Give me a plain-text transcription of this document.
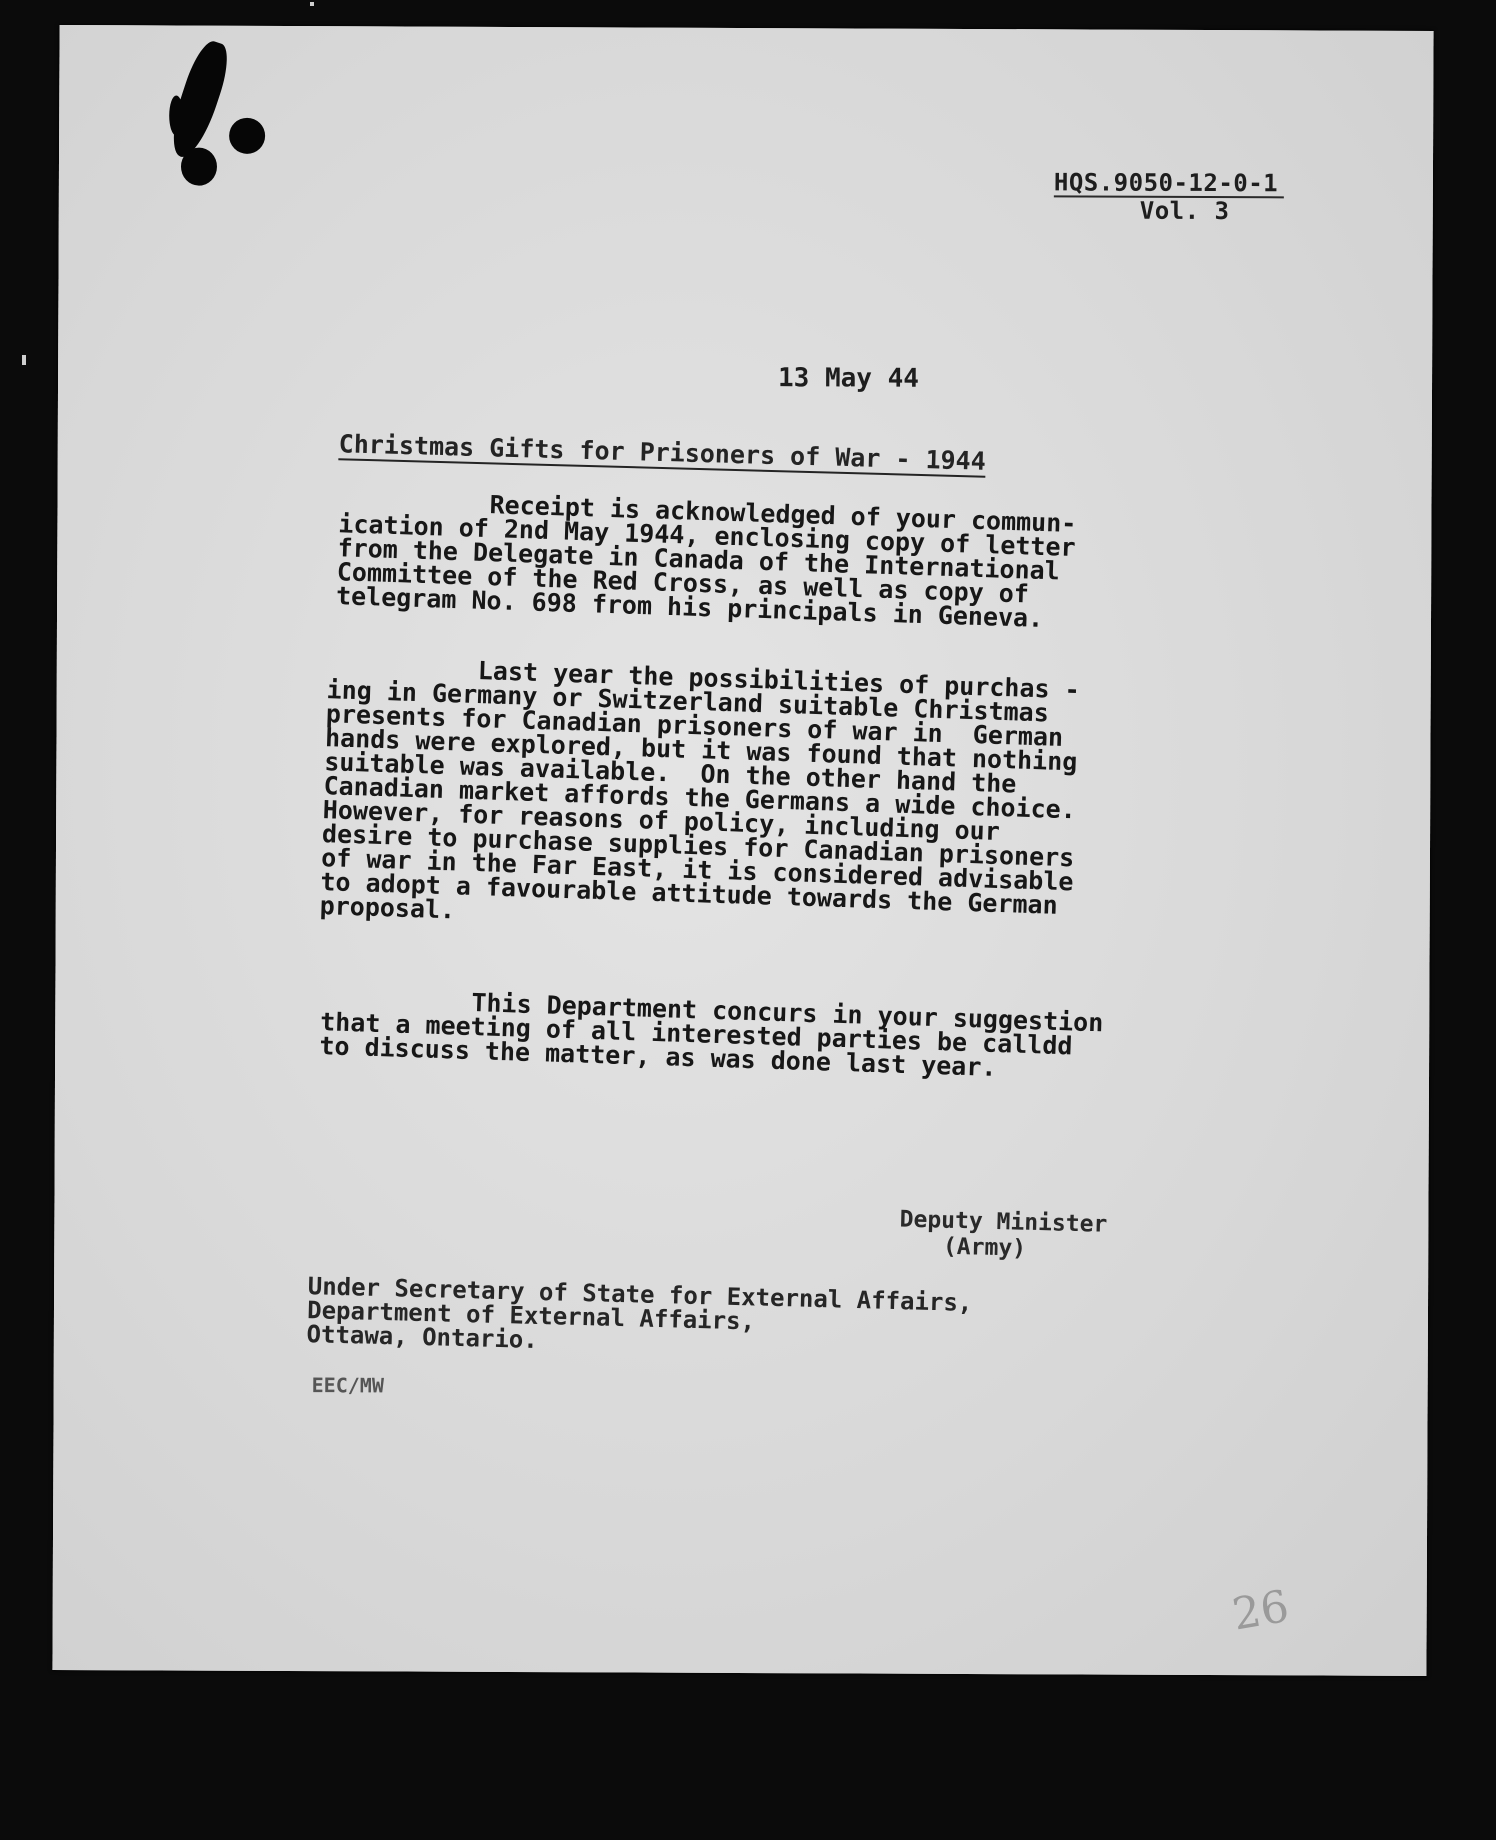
HQS.9050-12-0-1
Vol. 3
13 May 44
Christmas Gifts for Prisoners of War - 1944
Receipt is acknowledged of your commun-
ication of 2nd May 1944, enclosing copy of letter
from the Delegate in Canada of the International
Committee of the Red Cross, as well as copy of
telegram No. 698 from his principals in Geneva.
Last year the possibilities of purchas -
ing in Germany or Switzerland suitable Christmas
presents for Canadian prisoners of war in  German
hands were explored, but it was found that nothing
suitable was available.  On the other hand the
Canadian market affords the Germans a wide choice.
However, for reasons of policy, including our
desire to purchase supplies for Canadian prisoners
of war in the Far East, it is considered advisable
to adopt a favourable attitude towards the German
proposal.
This Department concurs in your suggestion
that a meeting of all interested parties be calldd
to discuss the matter, as was done last year.
Deputy Minister
(Army)
Under Secretary of State for External Affairs,
Department of External Affairs,
Ottawa, Ontario.
EEC/MW
26
